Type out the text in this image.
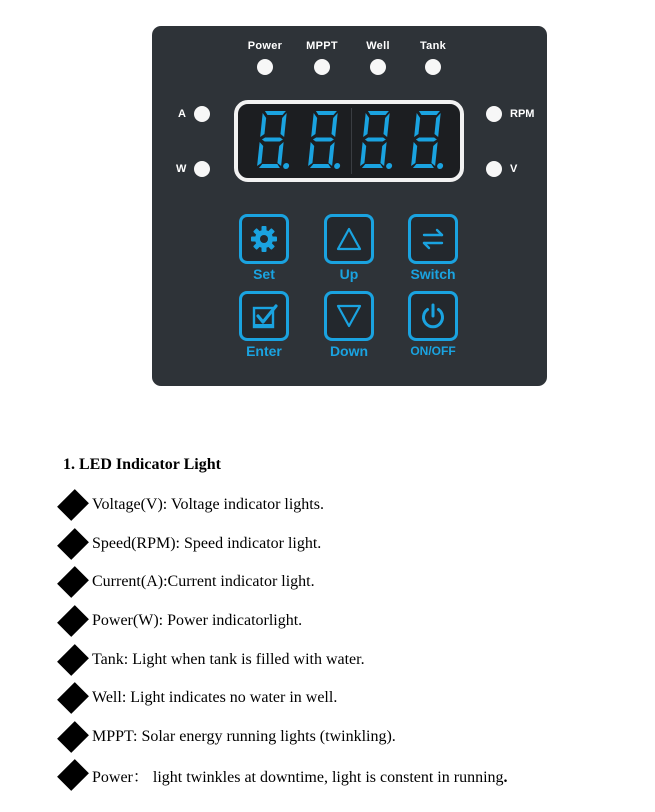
Power	MPPT	Well	Tank
A
W
RPM
V
Set	Up	Switch
Enter	Down	ON/OFF
1. LED Indicator Light
Voltage(V): Voltage indicator lights.
Speed(RPM): Speed indicator light.
Current(A):Current indicator light.
Power(W): Power indicatorlight.
Tank: Light when tank is filled with water.
Well: Light indicates no water in well.
MPPT: Solar energy running lights (twinkling).
Power： light twinkles at downtime, light is constent in running.
